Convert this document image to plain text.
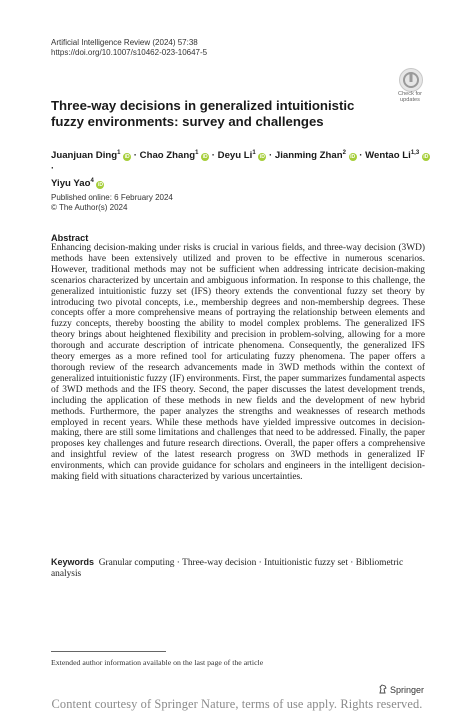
Artificial Intelligence Review (2024) 57:38
https://doi.org/10.1007/s10462-023-10647-5
Check for
updates
Three-way decisions in generalized intuitionistic fuzzy environments: survey and challenges
Juanjuan Ding$^1$ iD · Chao Zhang$^1$ iD · Deyu Li$^1$ iD · Jianming Zhan$^2$ iD · Wentao Li$^{1,3}$ iD ·
Yiyu Yao$^4$ iD
Published online: 6 February 2024
© The Author(s) 2024
Abstract

Enhancing decision-making under risks is crucial in various fields, and three-way decision (3WD) methods have been extensively utilized and proven to be effective in numerous scenarios. However, traditional methods may not be sufficient when addressing intricate decision-making scenarios characterized by uncertain and ambiguous information. In response to this challenge, the generalized intuitionistic fuzzy set (IFS) theory extends the conventional fuzzy set theory by introducing two pivotal concepts, i.e., membership degrees and non-membership degrees. These concepts offer a more comprehensive means of portraying the relationship between elements and fuzzy concepts, thereby boosting the ability to model complex problems. The generalized IFS theory brings about heightened flexibility and precision in problem-solving, allowing for a more thorough and accurate description of intricate phenomena. Consequently, the generalized IFS theory emerges as a more refined tool for articulating fuzzy phenomena. The paper offers a thorough review of the research advancements made in 3WD methods within the context of generalized intuitionistic fuzzy (IF) environments. First, the paper summarizes fundamental aspects of 3WD methods and the IFS theory. Second, the paper discusses the latest development trends, including the application of these methods in new fields and the development of new hybrid methods. Furthermore, the paper analyzes the strengths and weaknesses of research methods employed in recent years. While these methods have yielded impressive outcomes in decision-making, there are still some limitations and challenges that need to be addressed. Finally, the paper proposes key challenges and future research directions. Overall, the paper offers a comprehensive and insightful review of the latest research progress on 3WD methods in generalized IF environments, which can provide guidance for scholars and engineers in the intelligent decision-making field with situations characterized by various uncertainties.

Keywords Granular computing · Three-way decision · Intuitionistic fuzzy set · Bibliometric analysis
Extended author information available on the last page of the article
Springer
Content courtesy of Springer Nature, terms of use apply. Rights reserved.
